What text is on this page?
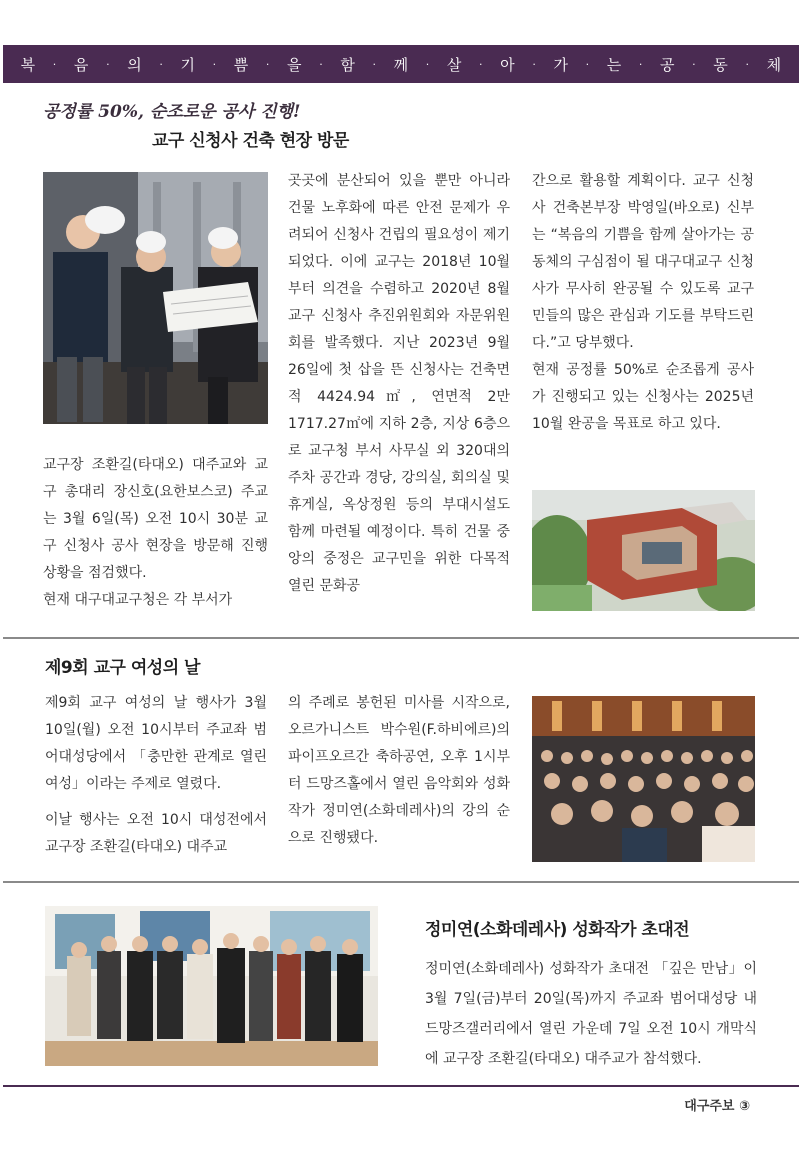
복 · 음 · 의 · 기 · 쁨 · 을 · 함 · 께 · 살 · 아 · 가 · 는 · 공 · 동 · 체
공정률 50%, 순조로운 공사 진행!
교구 신청사 건축 현장 방문

교구장 조환길(타대오) 대주교와 교구 총대리 장신호(요한보스코) 주교는 3월 6일(목) 오전 10시 30분 교구 신청사 공사 현장을 방문해 진행 상황을 점검했다.

현재 대구대교구청은 각 부서가

곳곳에 분산되어 있을 뿐만 아니라 건물 노후화에 따른 안전 문제가 우려되어 신청사 건립의 필요성이 제기되었다. 이에 교구는 2018년 10월부터 의견을 수렴하고 2020년 8월 교구 신청사 추진위원회와 자문위원회를 발족했다. 지난 2023년 9월 26일에 첫 삽을 뜬 신청사는 건축면적 4424.94㎡, 연면적 2만 1717.27㎡에 지하 2층, 지상 6층으로 교구청 부서 사무실 외 320대의 주차 공간과 경당, 강의실, 회의실 및 휴게실, 옥상정원 등의 부대시설도 함께 마련될 예정이다. 특히 건물 중앙의 중정은 교구민을 위한 다목적 열린 문화공

간으로 활용할 계획이다. 교구 신청사 건축본부장 박영일(바오로) 신부는 “복음의 기쁨을 함께 살아가는 공동체의 구심점이 될 대구대교구 신청사가 무사히 완공될 수 있도록 교구민들의 많은 관심과 기도를 부탁드린다.”고 당부했다.

현재 공정률 50%로 순조롭게 공사가 진행되고 있는 신청사는 2025년 10월 완공을 목표로 하고 있다.

제9회 교구 여성의 날

제9회 교구 여성의 날 행사가 3월 10일(월) 오전 10시부터 주교좌 범어대성당에서 「충만한 관계로 열린 여성」이라는 주제로 열렸다.

이날 행사는 오전 10시 대성전에서 교구장 조환길(타대오) 대주교

의 주례로 봉헌된 미사를 시작으로, 오르가니스트 박수원(F.하비에르)의 파이프오르간 축하공연, 오후 1시부터 드망즈홀에서 열린 음악회와 성화작가 정미연(소화데레사)의 강의 순으로 진행됐다.

정미연(소화데레사) 성화작가 초대전

정미연(소화데레사) 성화작가 초대전 「깊은 만남」이 3월 7일(금)부터 20일(목)까지 주교좌 범어대성당 내 드망즈갤러리에서 열린 가운데 7일 오전 10시 개막식에 교구장 조환길(타대오) 대주교가 참석했다.

대구주보 ③
